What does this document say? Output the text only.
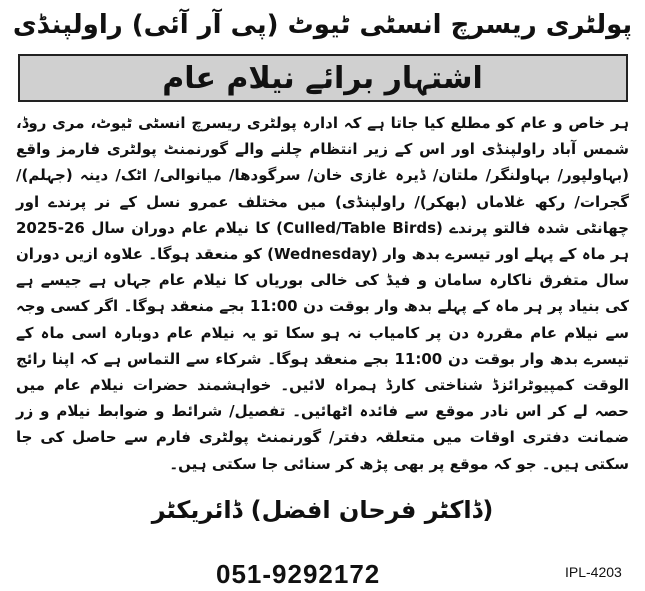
پولٹری ریسرچ انسٹی ٹیوٹ (پی آر آئی) راولپنڈی
اشتہار برائے نیلام عام

ہر خاص و عام کو مطلع کیا جاتا ہے کہ ادارہ پولٹری ریسرچ انسٹی ٹیوٹ، مری روڈ، شمس آباد راولپنڈی اور اس کے زیر انتظام چلنے والے گورنمنٹ پولٹری فارمز واقع (بہاولپور/ بہاولنگر/ ملتان/ ڈیرہ غازی خان/ سرگودھا/ میانوالی/ اٹک/ دینہ (جہلم)/ گجرات/ رکھ غلاماں (بھکر)/ راولپنڈی) میں مختلف عمرو نسل کے نر پرندے اور چھانٹی شدہ فالتو پرندے (Culled/Table Birds) کا نیلام عام دوران سال 26-2025 ہر ماہ کے پہلے اور تیسرے بدھ وار (Wednesday) کو منعقد ہوگا۔ علاوہ ازیں دوران سال متفرق ناکارہ سامان و فیڈ کی خالی بوریاں کا نیلام عام جہاں ہے جیسے ہے کی بنیاد پر ہر ماہ کے پہلے بدھ وار بوقت دن 11:00 بجے منعقد ہوگا۔ اگر کسی وجہ سے نیلام عام مقررہ دن پر کامیاب نہ ہو سکا تو یہ نیلام عام دوبارہ اسی ماہ کے تیسرے بدھ وار بوقت دن 11:00 بجے منعقد ہوگا۔ شرکاء سے التماس ہے کہ اپنا رائج الوقت کمپیوٹرائزڈ شناختی کارڈ ہمراہ لائیں۔ خواہشمند حضرات نیلام عام میں حصہ لے کر اس نادر موقع سے فائدہ اٹھائیں۔ تفصیل/ شرائط و ضوابط نیلام و زر ضمانت دفتری اوقات میں متعلقہ دفتر/ گورنمنٹ پولٹری فارم سے حاصل کی جا سکتی ہیں۔ جو کہ موقع پر بھی پڑھ کر سنائی جا سکتی ہیں۔

(ڈاکٹر فرحان افضل) ڈائریکٹر
051-9292172	IPL-4203
